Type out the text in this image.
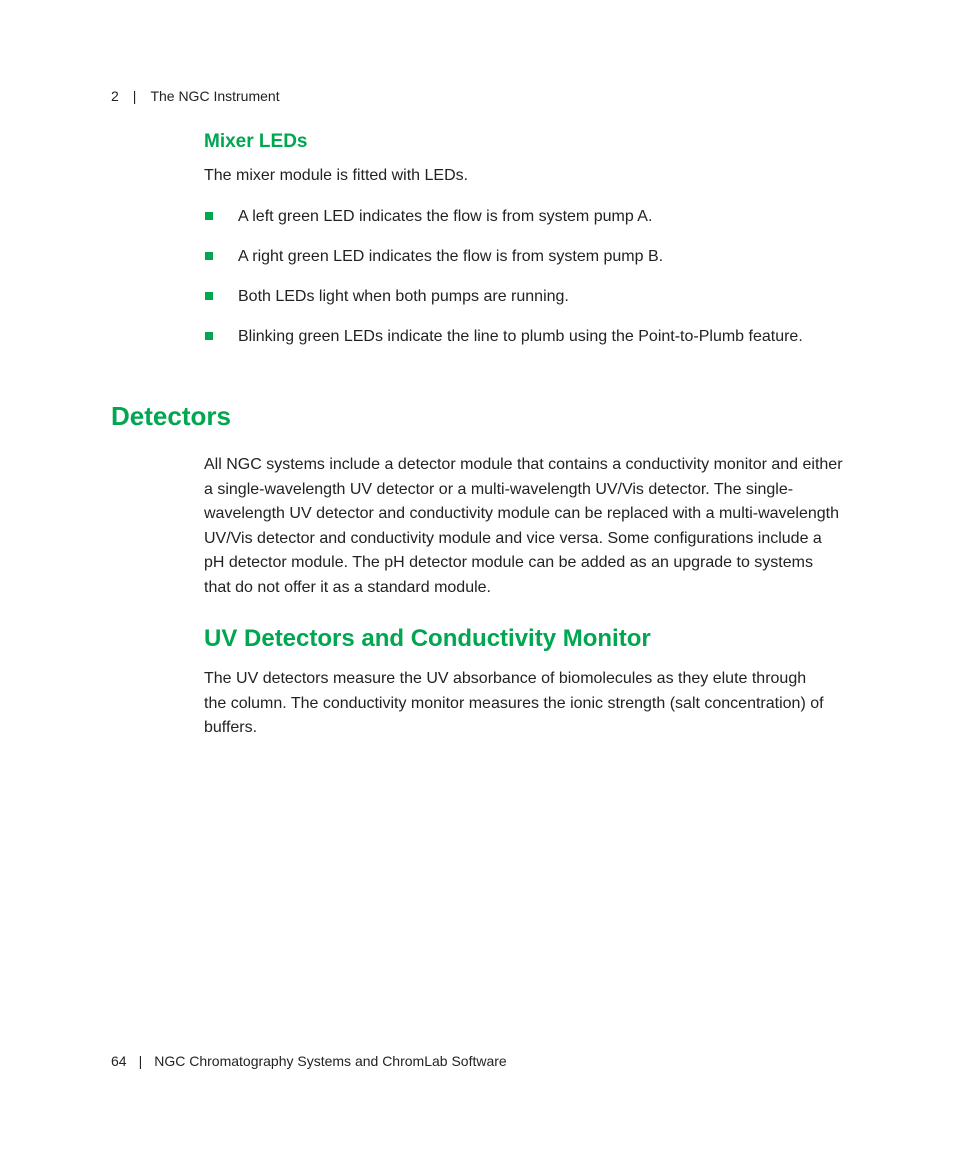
2 | The NGC Instrument
Mixer LEDs

The mixer module is fitted with LEDs.

A left green LED indicates the flow is from system pump A.
A right green LED indicates the flow is from system pump B.
Both LEDs light when both pumps are running.
Blinking green LEDs indicate the line to plumb using the Point-to-Plumb feature.
Detectors

All NGC systems include a detector module that contains a conductivity monitor and either a single-wavelength UV detector or a multi-wavelength UV/Vis detector. The single-wavelength UV detector and conductivity module can be replaced with a multi-wavelength UV/Vis detector and conductivity module and vice versa. Some configurations include a pH detector module. The pH detector module can be added as an upgrade to systems that do not offer it as a standard module.

UV Detectors and Conductivity Monitor

The UV detectors measure the UV absorbance of biomolecules as they elute through the column. The conductivity monitor measures the ionic strength (salt concentration) of buffers.

64 | NGC Chromatography Systems and ChromLab Software
